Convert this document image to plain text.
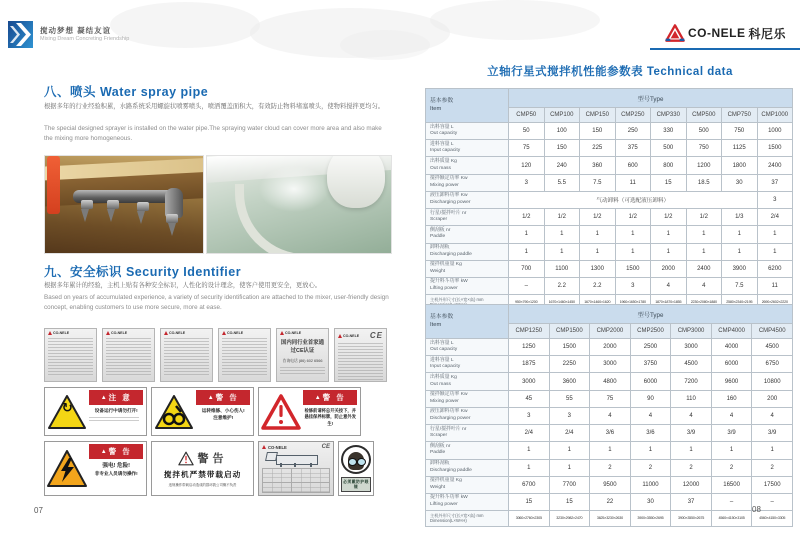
搅动梦想 凝结友谊
Mixing Dream Concreting Friendship	CO-NELE 科尼乐
八、喷头 Water spray pipe
根据多年的行业经验积累，水路系统采用螺旋状喷雾喷头，喷洒覆盖面积大，有效防止物料堵塞喷头，使物料搅拌更均匀。
The special designed sprayer is installed on the water pipe.The spraying water cloud can cover more area and also make the mixing more homogeneous.
九、安全标识 Security Identifier
根据多年累计的经验，主机上贴有各种安全标识，人性化的设计理念，使客户使用更安全，更放心。
Based on years of accumulated experience, a variety of security identification are attached to the mixer, user-friendly design concept, enabling customers to use more secure, more at ease.
CO-NELE	CO-NELE	CO-NELE	CO-NELE	CO-NELE
国内同行业首家通过CE认证
咨询电话 (86) 602 6566
CO-NELE CE
↻
▲ 注 意
设备运行中请勿打开!
▲ 警 告
运转维修、小心伤人!
注意维护!
▲ 警 告
检修前请将总开关按下，并悬挂保养标牌，防止意外发生!
▲ 警 告
强电! 危险!
非专业人员请勿操作!
警告
搅拌机严禁带载启动
违规操作带载启动造成的损坏我公司概不负责
CO-NELE	CE
必须戴防护眼镜
07
立轴行星式搅拌机性能参数表 Technical data
基本参数
Item	型号Type							
	CMP50	CMP100	CMP150	CMP250	CMP330	CMP500	CMP750	CMP1000
出料容量 L
Out capacity	50	100	150	250	330	500	750	1000
进料容量 L
Input capacity	75	150	225	375	500	750	1125	1500
出料质量 Kg
Out mass	120	240	360	600	800	1200	1800	2400
搅拌额定功率 Kw
Mixing power	3	5.5	7.5	11	15	18.5	30	37
液压卸料功率 Kw
Discharging power	气动卸料（可选配液压卸料）							3
行星/搅拌叶片 nr
Scraper	1/2	1/2	1/2	1/2	1/2	1/2	1/3	2/4
侧刮板 nr
Paddle	1	1	1	1	1	1	1	1
卸料刮板
Discharging paddle	1	1	1	1	1	1	1	1
搅拌机重量 Kg
Weight	700	1100	1300	1500	2000	2400	3900	6200
提升料斗功率 kW
Lifting power	–	2.2	2.2	3	4	4	7.5	11
主机外形尺寸(长×宽×高) mm	950×790×1200	1670×1460×1450	1670×1460×1620	1960×1650×1780	1870×1870×1855	2230×2080×1880	2580×2340×2195	2690×2602×2220
基本参数
Item	型号Type						
	CMP1250	CMP1500	CMP2000	CMP2500	CMP3000	CMP4000	CMP4500
出料容量 L
Out capacity	1250	1500	2000	2500	3000	4000	4500
进料容量 L
Input capacity	1875	2250	3000	3750	4500	6000	6750
出料质量 Kg
Out mass	3000	3600	4800	6000	7200	9600	10800
搅拌额定功率 Kw
Mixing power	45	55	75	90	110	160	200
液压卸料功率 Kw
Discharging power	3	3	4	4	4	4	4
行星/搅拌叶片 nr
Scraper	2/4	2/4	3/6	3/6	3/9	3/9	3/9
侧刮板 nr
Paddle	1	1	1	1	1	1	1
卸料刮板
Discharging paddle	1	1	2	2	2	2	2
搅拌机重量 Kg
Weight	6700	7700	9500	11000	12000	16500	17500
提升料斗功率 kW
Lifting power	15	15	22	30	37	–	–
主机外形尺寸(长×宽×高) mm
Dimension(L×W×H)	3060×2760×2305	3230×2982×2470	3625×3230×2630	3900×3550×2695	3900×3550×2675	4560×4150×3105	4560×4150×3305
08
